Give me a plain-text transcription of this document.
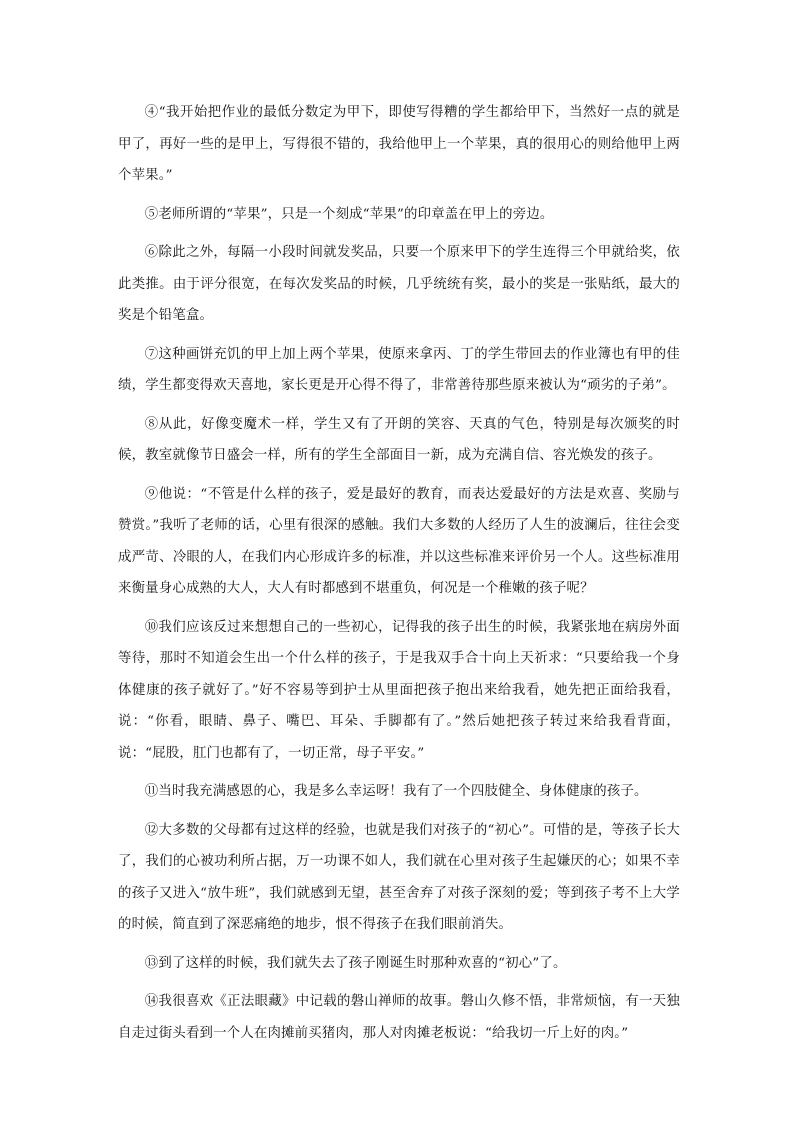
④“我开始把作业的最低分数定为甲下，即使写得糟的学生都给甲下，当然好一点的就是甲了，再好一些的是甲上，写得很不错的，我给他甲上一个苹果，真的很用心的则给他甲上两个苹果。”

⑤老师所谓的“苹果”，只是一个刻成“苹果”的印章盖在甲上的旁边。

⑥除此之外，每隔一小段时间就发奖品，只要一个原来甲下的学生连得三个甲就给奖，依此类推。由于评分很宽，在每次发奖品的时候，几乎统统有奖，最小的奖是一张贴纸，最大的奖是个铅笔盒。

⑦这种画饼充饥的甲上加上两个苹果，使原来拿丙、丁的学生带回去的作业簿也有甲的佳绩，学生都变得欢天喜地，家长更是开心得不得了，非常善待那些原来被认为“顽劣的子弟”。

⑧从此，好像变魔术一样，学生又有了开朗的笑容、天真的气色，特别是每次颁奖的时候，教室就像节日盛会一样，所有的学生全部面目一新，成为充满自信、容光焕发的孩子。

⑨他说：“不管是什么样的孩子，爱是最好的教育，而表达爱最好的方法是欢喜、奖励与赞赏。”我听了老师的话，心里有很深的感触。我们大多数的人经历了人生的波澜后，往往会变成严苛、冷眼的人，在我们内心形成许多的标准，并以这些标准来评价另一个人。这些标准用来衡量身心成熟的大人，大人有时都感到不堪重负，何况是一个稚嫩的孩子呢？

⑩我们应该反过来想想自己的一些初心，记得我的孩子出生的时候，我紧张地在病房外面等待，那时不知道会生出一个什么样的孩子，于是我双手合十向上天祈求：“只要给我一个身体健康的孩子就好了。”好不容易等到护士从里面把孩子抱出来给我看，她先把正面给我看，说：“你看，眼睛、鼻子、嘴巴、耳朵、手脚都有了。”然后她把孩子转过来给我看背面，说：“屁股，肛门也都有了，一切正常，母子平安。”

⑪当时我充满感恩的心，我是多么幸运呀！我有了一个四肢健全、身体健康的孩子。

⑫大多数的父母都有过这样的经验，也就是我们对孩子的“初心”。可惜的是，等孩子长大了，我们的心被功利所占据，万一功课不如人，我们就在心里对孩子生起嫌厌的心；如果不幸的孩子又进入“放牛班”，我们就感到无望，甚至舍弃了对孩子深刻的爱；等到孩子考不上大学的时候，简直到了深恶痛绝的地步，恨不得孩子在我们眼前消失。

⑬到了这样的时候，我们就失去了孩子刚诞生时那种欢喜的“初心”了。

⑭我很喜欢《正法眼藏》中记载的磐山禅师的故事。磐山久修不悟，非常烦恼，有一天独自走过街头看到一个人在肉摊前买猪肉，那人对肉摊老板说：“给我切一斤上好的肉。”
